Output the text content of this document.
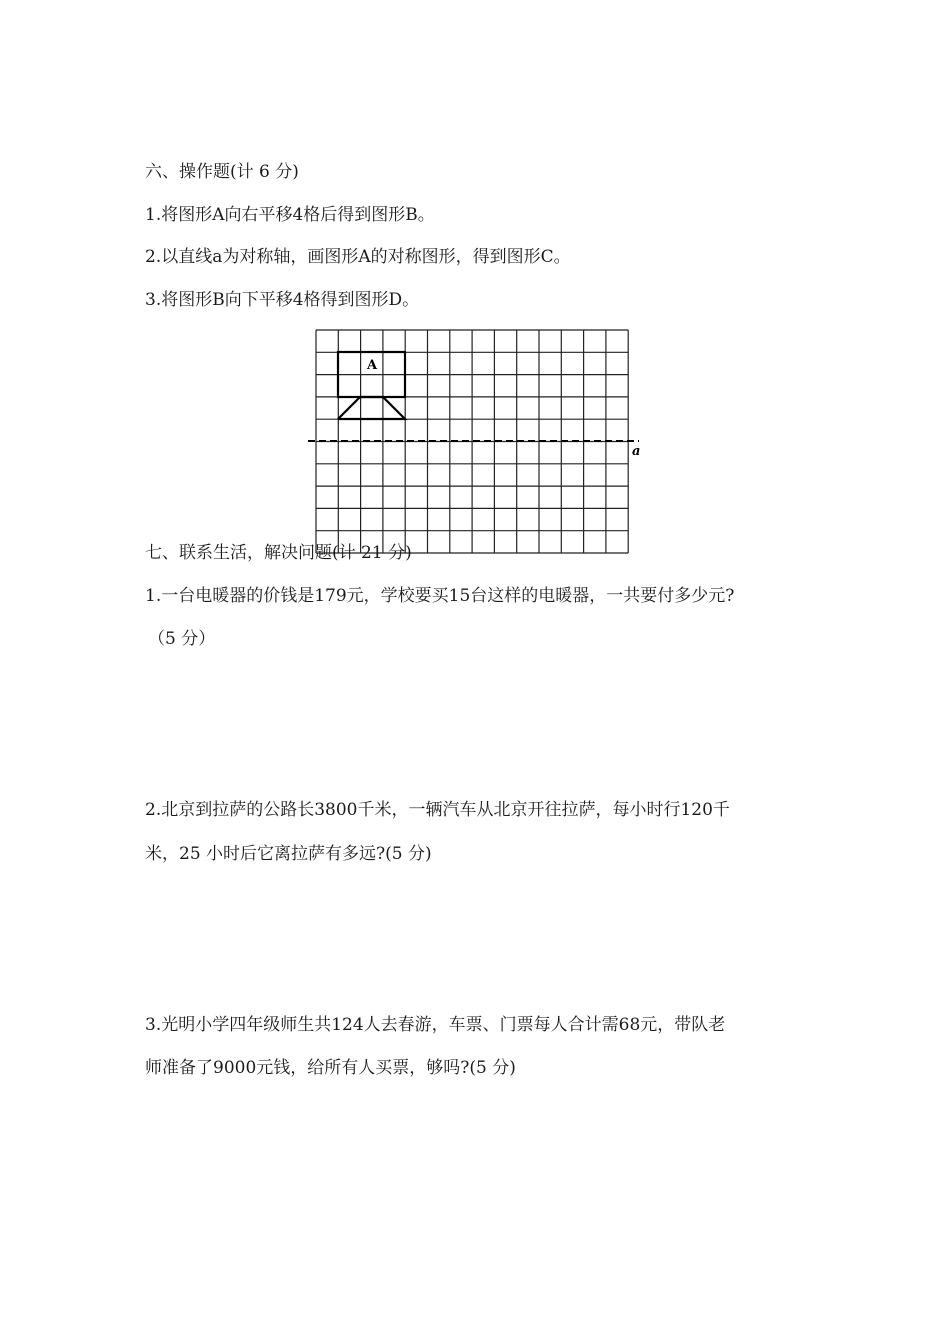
六、操作题(计 6 分)
1.将图形A向右平移4格后得到图形B。
2.以直线a为对称轴，画图形A的对称图形，得到图形C。
3.将图形B向下平移4格得到图形D。
A
a
七、联系生活，解决问题(计 21 分)
1.一台电暖器的价钱是179元，学校要买15台这样的电暖器，一共要付多少元?
（5 分）
2.北京到拉萨的公路长3800千米，一辆汽车从北京开往拉萨，每小时行120千
米，25 小时后它离拉萨有多远?(5 分)
3.光明小学四年级师生共124人去春游，车票、门票每人合计需68元，带队老
师准备了9000元钱，给所有人买票，够吗?(5 分)
